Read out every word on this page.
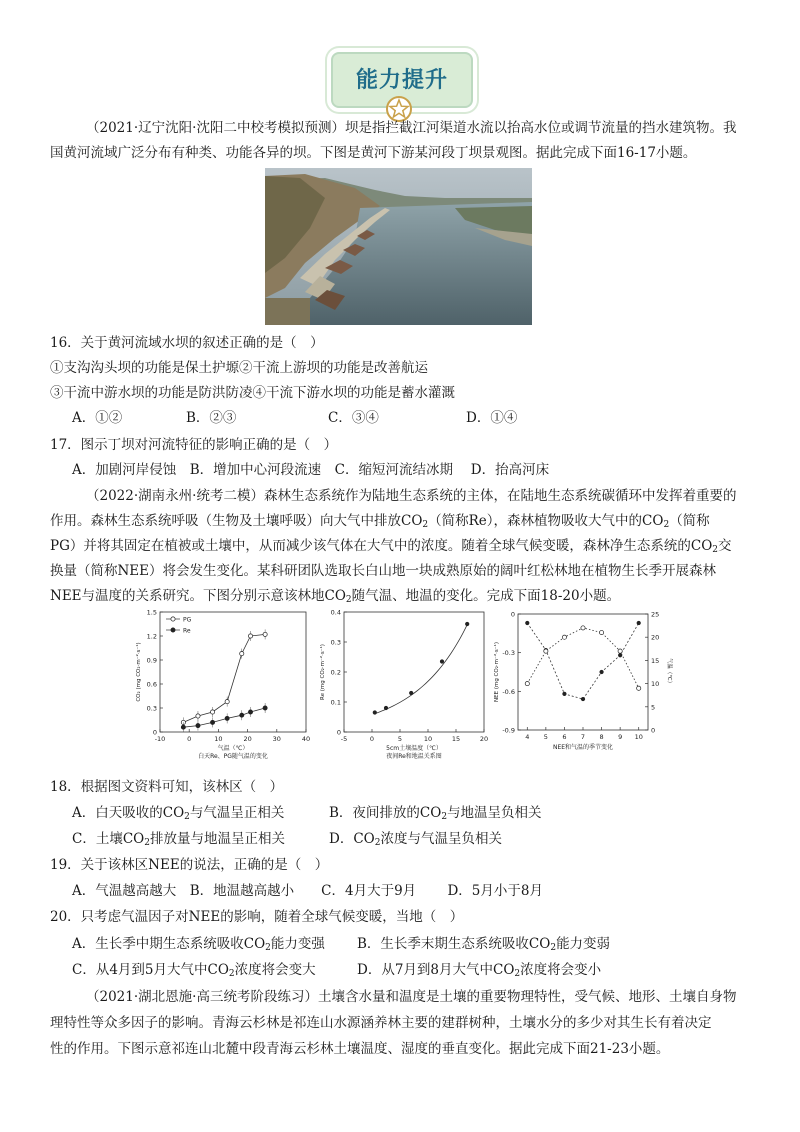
能力提升

（2021·辽宁沈阳·沈阳二中校考模拟预测）坝是指拦截江河渠道水流以抬高水位或调节流量的挡水建筑物。我

国黄河流域广泛分布有种类、功能各异的坝。下图是黄河下游某河段丁坝景观图。据此完成下面16-17小题。

16．关于黄河流域水坝的叙述正确的是（　）

①支沟沟头坝的功能是保土护塬②干流上游坝的功能是改善航运

③干流中游水坝的功能是防洪防凌④干流下游水坝的功能是蓄水灌溉

A．①②	B．②③	C．③④	D．①④

17．图示丁坝对河流特征的影响正确的是（　）

A．加剧河岸侵蚀　B．增加中心河段流速　C．缩短河流结冰期　 D．抬高河床

（2022·湖南永州·统考二模）森林生态系统作为陆地生态系统的主体，在陆地生态系统碳循环中发挥着重要的

作用。森林生态系统呼吸（生物及土壤呼吸）向大气中排放$CO_2$（简称Re），森林植物吸收大气中的$CO_2$（简称

PG）并将其固定在植被或土壤中，从而减少该气体在大气中的浓度。随着全球气候变暖，森林净生态系统的$CO_2$交

换量（简称NEE）将会发生变化。某科研团队选取长白山地一块成熟原始的阔叶红松林地在植物生长季开展森林

NEE与温度的关系研究。下图分别示意该林地$CO_2$随气温、地温的变化。完成下面18-20小题。

-10	0	10	20	30	40
0
0.3
0.6
0.9
1.2
1.5
气温（℃）
白天Re、PG随气温的变化
CO₂ (mg CO₂·m⁻²·s⁻¹)
PG
Re
-5	0	5	10	15	20
0
0.1
0.2
0.3
0.4
5cm土壤温度（℃）
夜间Re和地温关系图
Re (mg CO₂·m⁻²·s⁻¹)
4 5 6 7 8 9 10
0
-0.3
-0.6
-0.9
NEE和气温的季节变化
NEE (mg CO₂·m⁻²·s⁻¹)
0
5
10
15
20
25
气温（℃）

18．根据图文资料可知，该林区（　）

A．白天吸收的$CO_2$与气温呈正相关	B．夜间排放的$CO_2$与地温呈负相关

C．土壤$CO_2$排放量与地温呈正相关	D．$CO_2$浓度与气温呈负相关

19．关于该林区NEE的说法，正确的是（　）

A．气温越高越大　B．地温越高越小　　C．4月大于9月　　 D．5月小于8月

20．只考虑气温因子对NEE的影响，随着全球气候变暖，当地（　）

A．生长季中期生态系统吸收$CO_2$能力变强 B．生长季末期生态系统吸收$CO_2$能力变弱

C．从4月到5月大气中$CO_2$浓度将会变大	D．从7月到8月大气中$CO_2$浓度将会变小

（2021·湖北恩施·高三统考阶段练习）土壤含水量和温度是土壤的重要物理特性，受气候、地形、土壤自身物

理特性等众多因子的影响。青海云杉林是祁连山水源涵养林主要的建群树种，土壤水分的多少对其生长有着决定

性的作用。下图示意祁连山北麓中段青海云杉林土壤温度、湿度的垂直变化。据此完成下面21-23小题。
